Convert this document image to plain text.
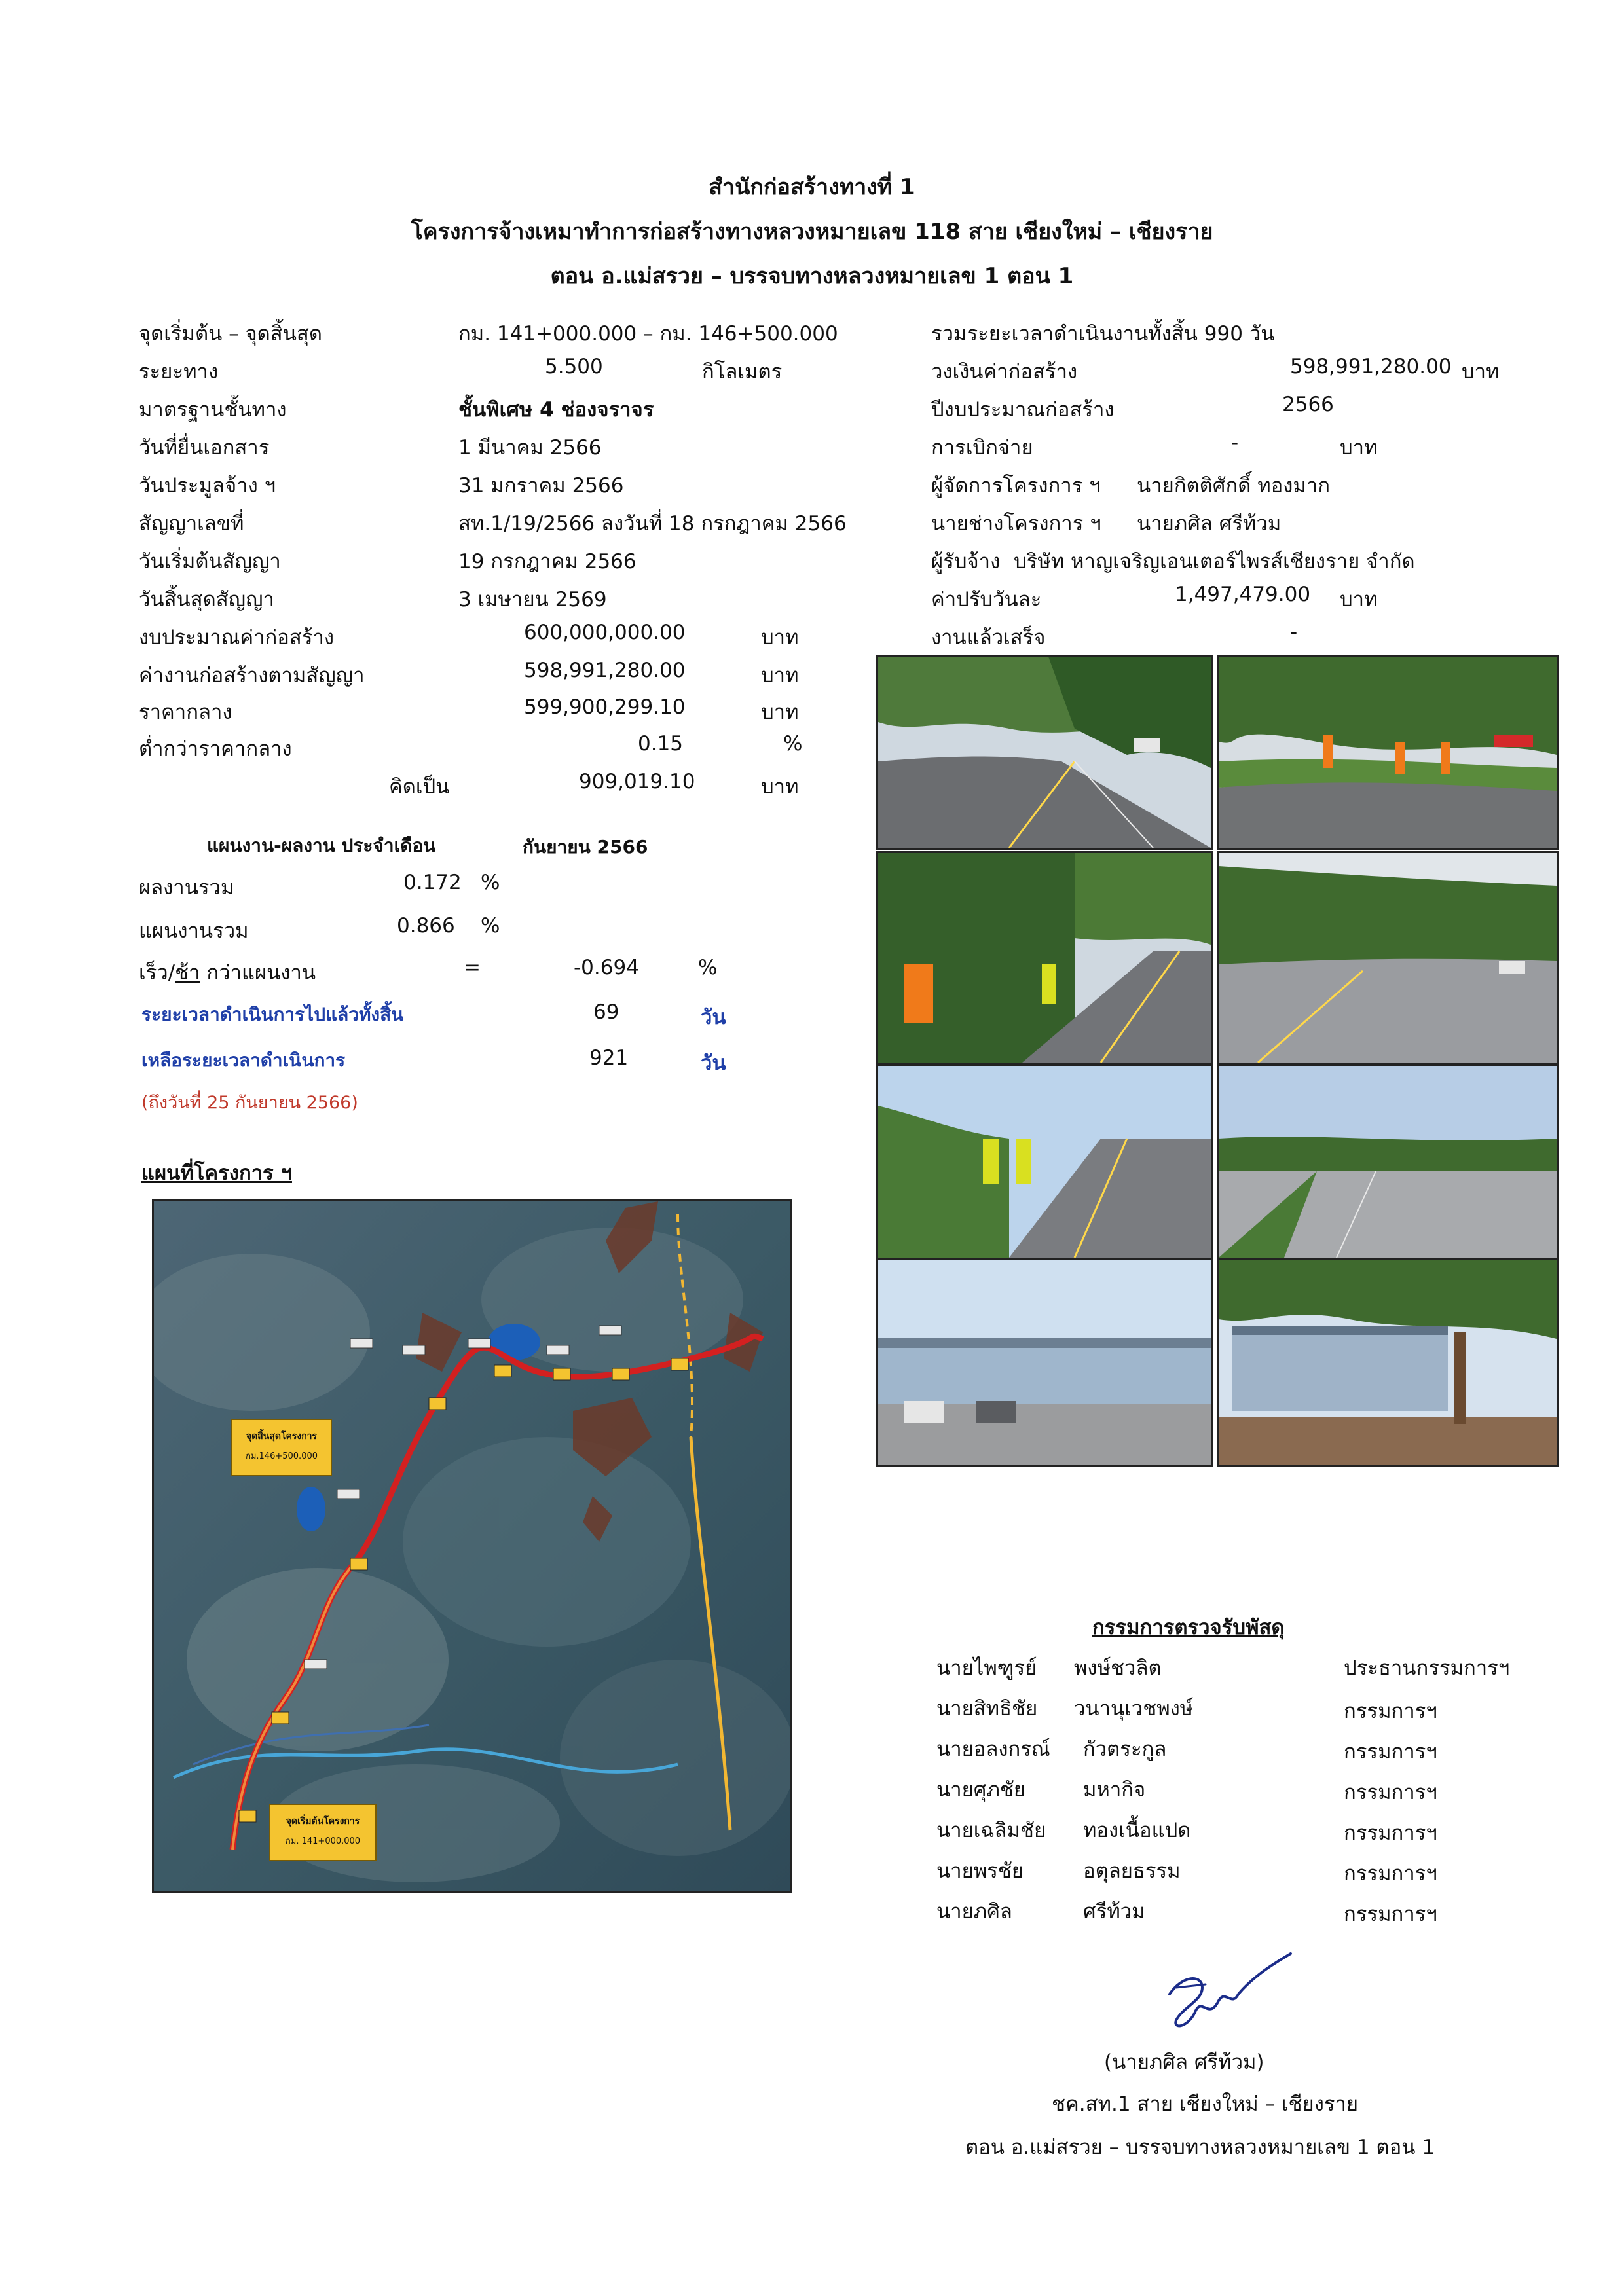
สำนักก่อสร้างทางที่ 1
โครงการจ้างเหมาทำการก่อสร้างทางหลวงหมายเลข 118 สาย เชียงใหม่ – เชียงราย
ตอน อ.แม่สรวย – บรรจบทางหลวงหมายเลข 1 ตอน 1
จุดเริ่มต้น – จุดสิ้นสุด	กม. 141+000.000 – กม. 146+500.000
ระยะทาง	5.500	กิโลเมตร
มาตรฐานชั้นทาง	ชั้นพิเศษ 4 ช่องจราจร
วันที่ยื่นเอกสาร	1 มีนาคม 2566
วันประมูลจ้าง ฯ	31 มกราคม 2566
สัญญาเลขที่	สท.1/19/2566 ลงวันที่ 18 กรกฎาคม 2566
วันเริ่มต้นสัญญา	19 กรกฎาคม 2566
วันสิ้นสุดสัญญา	3 เมษายน 2569
งบประมาณค่าก่อสร้าง	600,000,000.00	บาท
ค่างานก่อสร้างตามสัญญา	598,991,280.00	บาท
ราคากลาง	599,900,299.10	บาท
ต่ำกว่าราคากลาง	0.15	%
คิดเป็น	909,019.10	บาท
แผนงาน-ผลงาน ประจำเดือน	กันยายน 2566
ผลงานรวม	0.172 %
แผนงานรวม	0.866 %
เร็ว/ช้า กว่าแผนงาน	=	-0.694	%
ระยะเวลาดำเนินการไปแล้วทั้งสิ้น	69	วัน
เหลือระยะเวลาดำเนินการ	921	วัน
(ถึงวันที่ 25 กันยายน 2566)
แผนที่โครงการ ฯ
จุดสิ้นสุดโครงการ
กม.146+500.000
จุดเริ่มต้นโครงการ
กม. 141+000.000
รวมระยะเวลาดำเนินงานทั้งสิ้น 990 วัน
วงเงินค่าก่อสร้าง	598,991,280.00 บาท
ปีงบประมาณก่อสร้าง	2566
การเบิกจ่าย	-	บาท
ผู้จัดการโครงการ ฯ นายกิตติศักดิ์ ทองมาก
นายช่างโครงการ ฯ นายภศิล ศรีท้วม
ผู้รับจ้าง บริษัท หาญเจริญเอนเตอร์ไพรส์เชียงราย จำกัด
ค่าปรับวันละ	1,497,479.00 บาท
งานแล้วเสร็จ	-
กรรมการตรวจรับพัสดุ
นายไพฑูรย์ พงษ์ชวลิต	ประธานกรรมการฯ
นายสิทธิชัย วนานุเวชพงษ์	กรรมการฯ
นายอลงกรณ์ กัวตระกูล	กรรมการฯ
นายศุภชัย	มหากิจ	กรรมการฯ
นายเฉลิมชัย ทองเนื้อแปด	กรรมการฯ
นายพรชัย	อตุลยธรรม	กรรมการฯ
นายภศิล	ศรีท้วม	กรรมการฯ
(นายภศิล ศรีท้วม)
ชค.สท.1 สาย เชียงใหม่ – เชียงราย
ตอน อ.แม่สรวย – บรรจบทางหลวงหมายเลข 1 ตอน 1
